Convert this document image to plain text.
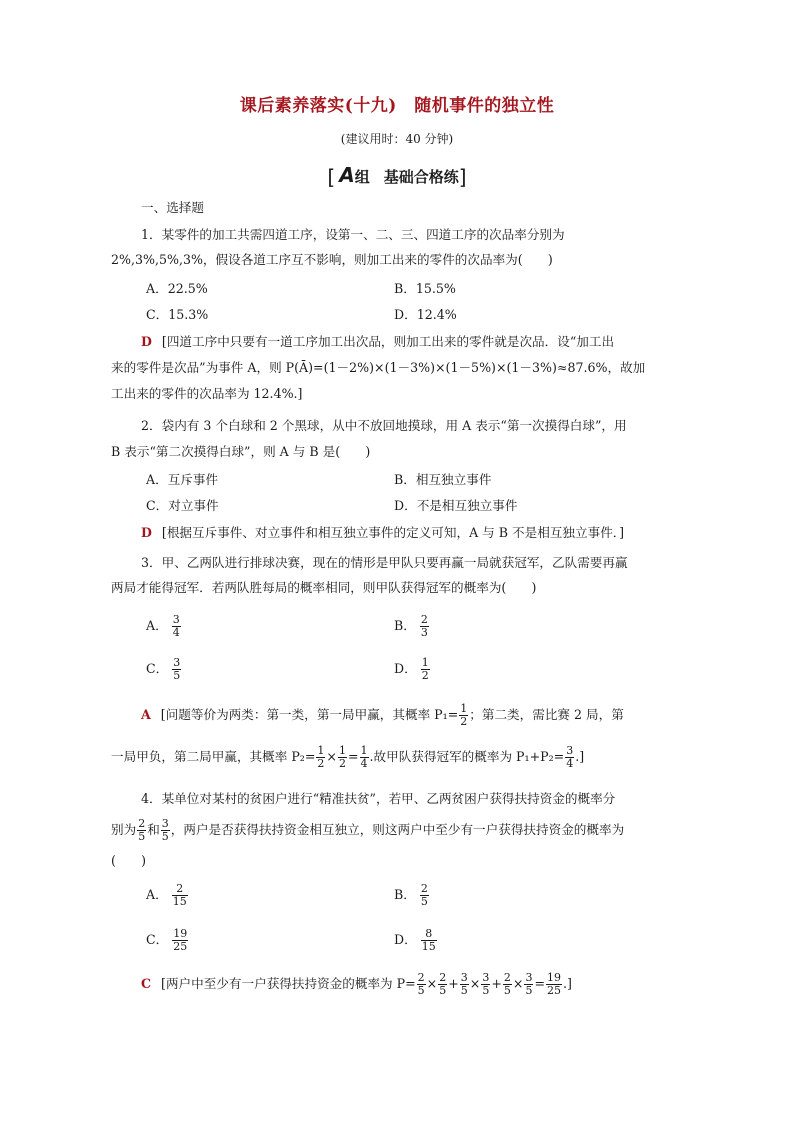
课后素养落实(十九)　随机事件的独立性
(建议用时：40 分钟)
[ A组 基础合格练]
一、选择题
1．某零件的加工共需四道工序，设第一、二、三、四道工序的次品率分别为
2%,3%,5%,3%，假设各道工序互不影响，则加工出来的零件的次品率为(　　)
A．22.5%	B．15.5%
C．15.3%	D．12.4%
D [四道工序中只要有一道工序加工出次品，则加工出来的零件就是次品．设“加工出
来的零件是次品”为事件 A，则 P(Ā)=(1－2%)×(1－3%)×(1－5%)×(1－3%)≈87.6%，故加
工出来的零件的次品率为 12.4%.]
2．袋内有 3 个白球和 2 个黑球，从中不放回地摸球，用 A 表示“第一次摸得白球”，用
B 表示“第二次摸得白球”，则 A 与 B 是(　　)
A．互斥事件	B．相互独立事件
C．对立事件	D．不是相互独立事件
D [根据互斥事件、对立事件和相互独立事件的定义可知，A 与 B 不是相互独立事件．]
3．甲、乙两队进行排球决赛，现在的情形是甲队只要再赢一局就获冠军，乙队需要再赢
两局才能得冠军．若两队胜每局的概率相同，则甲队获得冠军的概率为(　　)
A． $\frac{3}{4}$	B． $\frac{2}{3}$
C． $\frac{3}{5}$	D． $\frac{1}{2}$
A [问题等价为两类：第一类，第一局甲赢，其概率 $P_1= \frac{1}{2}$ ；第二类，需比赛 2 局，第
一局甲负，第二局甲赢，其概率 $P_2= \frac{1}{2} \times \frac{1}{2} = \frac{1}{4}$ .故甲队获得冠军的概率为 $P_1+P_2= \frac{3}{4}$ .]
4．某单位对某村的贫困户进行“精准扶贫”，若甲、乙两贫困户获得扶持资金的概率分
别为 $\frac{2}{5}$ 和 $\frac{3}{5}$ ，两户是否获得扶持资金相互独立，则这两户中至少有一户获得扶持资金的概率为
(　　)
A． $\frac{2}{15}$	B． $\frac{2}{5}$
C． $\frac{19}{25}$	D． $\frac{8}{15}$
C [两户中至少有一户获得扶持资金的概率为 $P= \frac{2}{5} \times \frac{2}{5} + \frac{3}{5} \times \frac{3}{5} + \frac{2}{5} \times \frac{3}{5} = \frac{19}{25}$ .]
